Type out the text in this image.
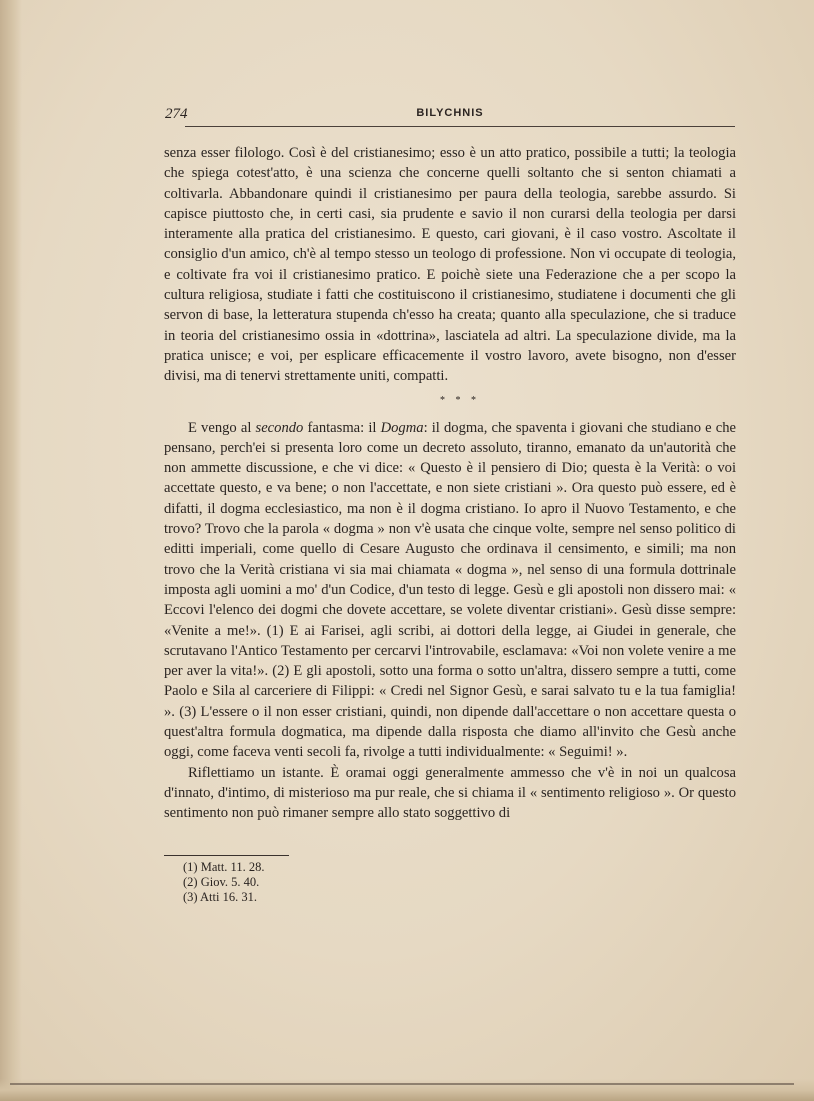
274	BILYCHNIS

senza esser filologo. Così è del cristianesimo; esso è un atto pratico, possibile a tutti; la teologia che spiega cotest'atto, è una scienza che concerne quelli soltanto che si senton chiamati a coltivarla. Abbandonare quindi il cristianesimo per paura della teologia, sarebbe assurdo. Si capisce piuttosto che, in certi casi, sia prudente e savio il non curarsi della teologia per darsi interamente alla pratica del cristianesimo. E questo, cari giovani, è il caso vostro. Ascoltate il consiglio d'un amico, ch'è al tempo stesso un teologo di professione. Non vi occupate di teologia, e coltivate fra voi il cristianesimo pratico. E poichè siete una Federazione che a per scopo la cultura religiosa, studiate i fatti che costituiscono il cristianesimo, studiatene i documenti che gli servon di base, la letteratura stupenda ch'esso ha creata; quanto alla speculazione, che si traduce in teoria del cristianesimo ossia in «dottrina», lasciatela ad altri. La speculazione divide, ma la pratica unisce; e voi, per esplicare efficacemente il vostro lavoro, avete bisogno, non d'esser divisi, ma di tenervi strettamente uniti, compatti.

* * *

E vengo al secondo fantasma: il Dogma: il dogma, che spaventa i giovani che studiano e che pensano, perch'ei si presenta loro come un decreto assoluto, tiranno, emanato da un'autorità che non ammette discussione, e che vi dice: « Questo è il pensiero di Dio; questa è la Verità: o voi accettate questo, e va bene; o non l'accettate, e non siete cristiani ». Ora questo può essere, ed è difatti, il dogma ecclesiastico, ma non è il dogma cristiano. Io apro il Nuovo Testamento, e che trovo? Trovo che la parola « dogma » non v'è usata che cinque volte, sempre nel senso politico di editti imperiali, come quello di Cesare Augusto che ordinava il censimento, e simili; ma non trovo che la Verità cristiana vi sia mai chiamata « dogma », nel senso di una formula dottrinale imposta agli uomini a mo' d'un Codice, d'un testo di legge. Gesù e gli apostoli non dissero mai: « Eccovi l'elenco dei dogmi che dovete accettare, se volete diventar cristiani». Gesù disse sempre: «Venite a me!». (1) E ai Farisei, agli scribi, ai dottori della legge, ai Giudei in generale, che scrutavano l'Antico Testamento per cercarvi l'introvabile, esclamava: «Voi non volete venire a me per aver la vita!». (2) E gli apostoli, sotto una forma o sotto un'altra, dissero sempre a tutti, come Paolo e Sila al carceriere di Filippi: « Credi nel Signor Gesù, e sarai salvato tu e la tua famiglia! ». (3) L'essere o il non esser cristiani, quindi, non dipende dall'accettare o non accettare questa o quest'altra formula dogmatica, ma dipende dalla risposta che diamo all'invito che Gesù anche oggi, come faceva venti secoli fa, rivolge a tutti individualmente: « Seguimi! ».

Riflettiamo un istante. È oramai oggi generalmente ammesso che v'è in noi un qualcosa d'innato, d'intimo, di misterioso ma pur reale, che si chiama il « sentimento religioso ». Or questo sentimento non può rimaner sempre allo stato soggettivo di

(1) Matt. 11. 28.
(2) Giov. 5. 40.
(3) Atti 16. 31.
